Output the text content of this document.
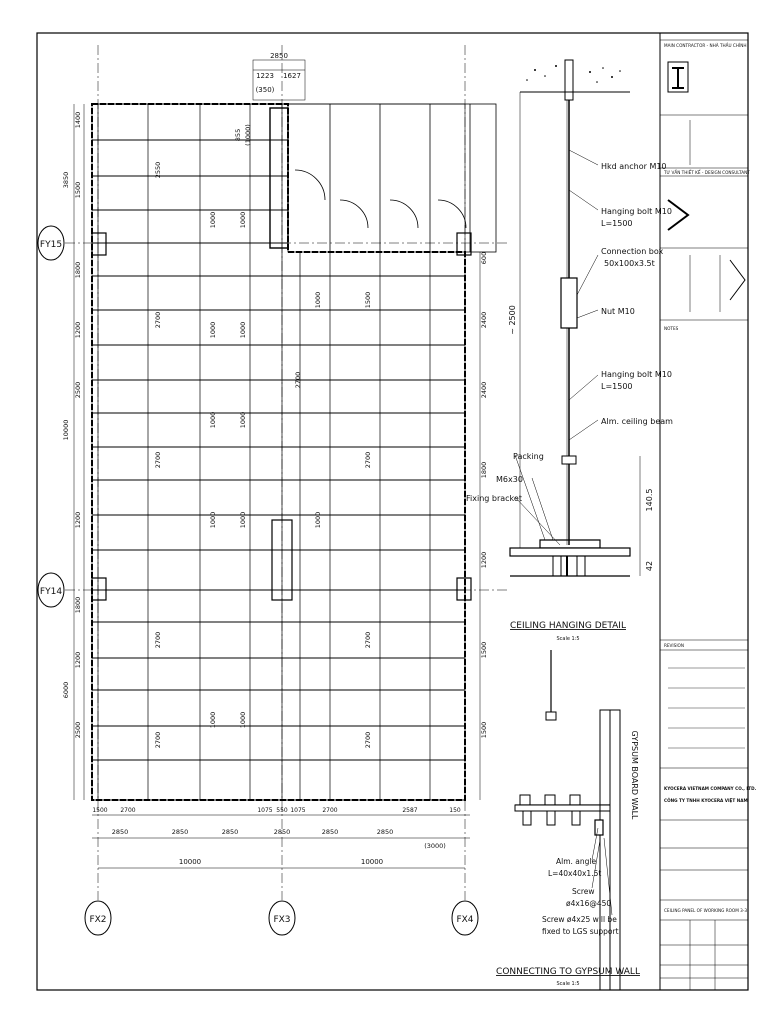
2550
2700
2700
2700
2700
2700
1000	1000
1000	1000
1500
2700
2700
2700
1000	1000
1000	1000
1000	1000
1000
1000
855 (1000)
FY15
FY14
FX2	FX3	FX4
2850
1223 1627
(350)
1400
1500
1800
1200
2500
1200
1800
1200
2500
3850
10000
6000
600
2400
2400
1800
1200
1500
1500
1500 2700	1075 550 1075	2700	2587	150
2850	2850	2850	2850	2850	2850
(3000)
10000	10000
Hkd anchor M10
Hanging bolt M10
L=1500
Connection box
50x100x3.5t
Nut M10
Hanging bolt M10
L=1500
Alm. ceiling beam
Packing
M6x30
Fixing bracket
~ 2500
140.5
42
CEILING HANGING DETAIL
Scale 1:5
GYPSUM BOARD WALL
Alm. angle
L=40x40x1.5t
Screw
ø4x16@450
Screw ø4x25 will be
fixed to LGS support
CONNECTING TO GYPSUM WALL
Scale 1:5
MAIN CONTRACTOR - NHÀ THẦU CHÍNH
TƯ VẤN THIẾT KẾ - DESIGN CONSULTANT
NOTES
REVISION
KYOCERA VIETNAM COMPANY CO., LTD.
CÔNG TY TNHH KYOCERA VIỆT NAM
CEILING PANEL OF WORKING ROOM 3-3
